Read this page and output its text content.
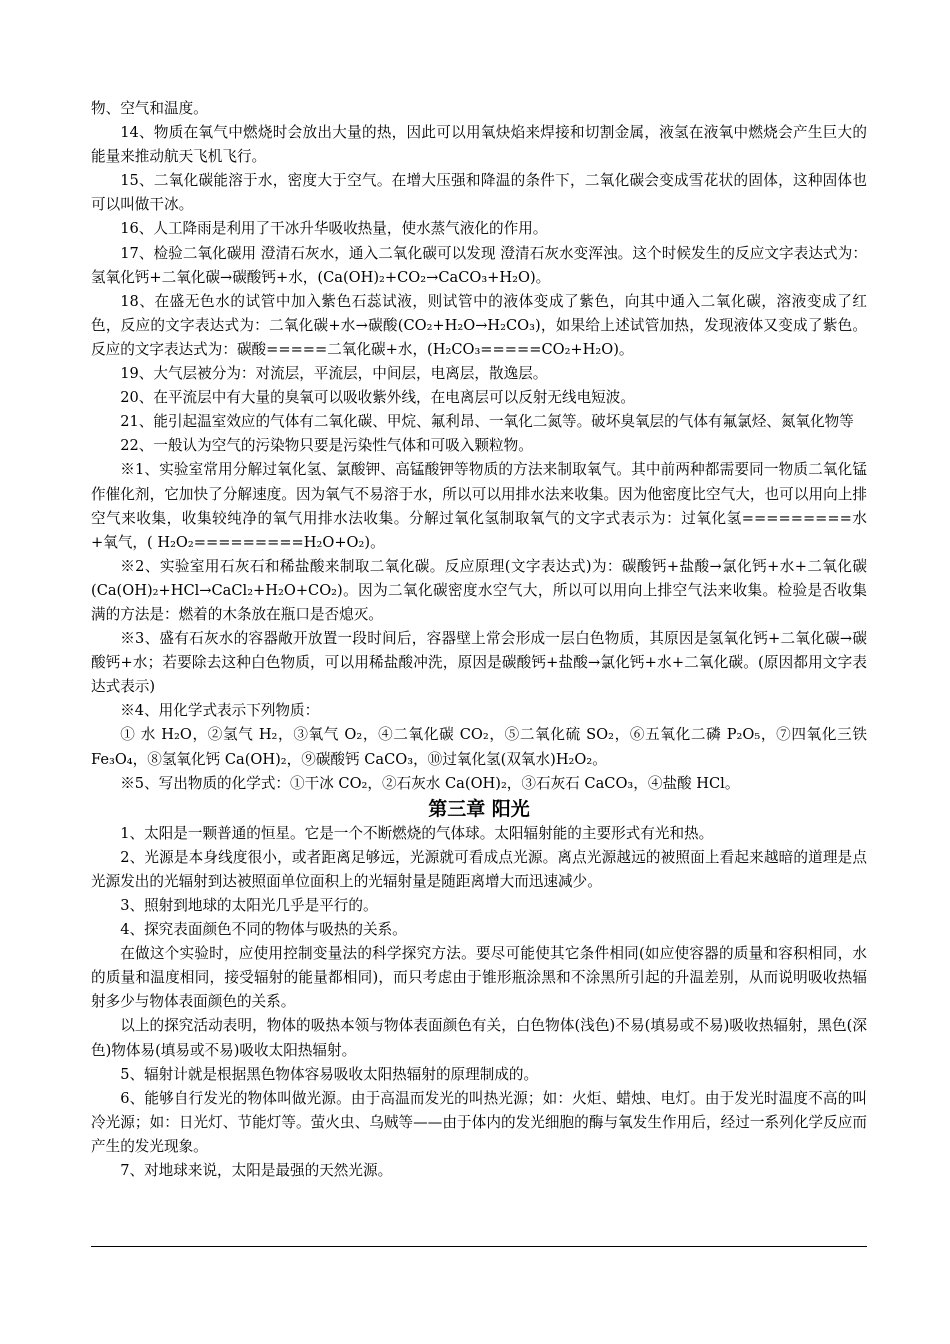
物、空气和温度。

14、物质在氧气中燃烧时会放出大量的热，因此可以用氧炔焰来焊接和切割金属，液氢在液氧中燃烧会产生巨大的能量来推动航天飞机飞行。

15、二氧化碳能溶于水，密度大于空气。在增大压强和降温的条件下，二氧化碳会变成雪花状的固体，这种固体也可以叫做干冰。

16、人工降雨是利用了干冰升华吸收热量，使水蒸气液化的作用。

17、检验二氧化碳用 澄清石灰水，通入二氧化碳可以发现 澄清石灰水变浑浊。这个时候发生的反应文字表达式为：氢氧化钙+二氧化碳→碳酸钙+水，(Ca(OH)₂+CO₂→CaCO₃+H₂O)。

18、在盛无色水的试管中加入紫色石蕊试液，则试管中的液体变成了紫色，向其中通入二氧化碳，溶液变成了红色，反应的文字表达式为：二氧化碳+水→碳酸(CO₂+H₂O→H₂CO₃)，如果给上述试管加热，发现液体又变成了紫色。反应的文字表达式为：碳酸=====二氧化碳+水，(H₂CO₃=====CO₂+H₂O)。

19、大气层被分为：对流层，平流层，中间层，电离层，散逸层。

20、在平流层中有大量的臭氧可以吸收紫外线，在电离层可以反射无线电短波。

21、能引起温室效应的气体有二氧化碳、甲烷、氟利昂、一氧化二氮等。破坏臭氧层的气体有氟氯烃、氮氧化物等

22、一般认为空气的污染物只要是污染性气体和可吸入颗粒物。

※1、实验室常用分解过氧化氢、氯酸钾、高锰酸钾等物质的方法来制取氧气。其中前两种都需要同一物质二氧化锰作催化剂，它加快了分解速度。因为氧气不易溶于水，所以可以用排水法来收集。因为他密度比空气大，也可以用向上排空气来收集，收集较纯净的氧气用排水法收集。分解过氧化氢制取氧气的文字式表示为：过氧化氢=========水+氧气，( H₂O₂=========H₂O+O₂)。

※2、实验室用石灰石和稀盐酸来制取二氧化碳。反应原理(文字表达式)为：碳酸钙+盐酸→氯化钙+水+二氧化碳(Ca(OH)₂+HCl→CaCl₂+H₂O+CO₂)。因为二氧化碳密度水空气大，所以可以用向上排空气法来收集。检验是否收集满的方法是：燃着的木条放在瓶口是否熄灭。

※3、盛有石灰水的容器敞开放置一段时间后，容器壁上常会形成一层白色物质，其原因是氢氧化钙+二氧化碳→碳酸钙+水；若要除去这种白色物质，可以用稀盐酸冲洗，原因是碳酸钙+盐酸→氯化钙+水+二氧化碳。(原因都用文字表达式表示)

※4、用化学式表示下列物质：

① 水 H₂O，②氢气 H₂，③氧气 O₂，④二氧化碳 CO₂，⑤二氧化硫 SO₂，⑥五氧化二磷 P₂O₅，⑦四氧化三铁 Fe₃O₄，⑧氢氧化钙 Ca(OH)₂，⑨碳酸钙 CaCO₃，⑩过氧化氢(双氧水)H₂O₂。

※5、写出物质的化学式：①干冰 CO₂，②石灰水 Ca(OH)₂，③石灰石 CaCO₃，④盐酸 HCl。

第三章 阳光

1、太阳是一颗普通的恒星。它是一个不断燃烧的气体球。太阳辐射能的主要形式有光和热。

2、光源是本身线度很小，或者距离足够远，光源就可看成点光源。离点光源越远的被照面上看起来越暗的道理是点光源发出的光辐射到达被照面单位面积上的光辐射量是随距离增大而迅速减少。

3、照射到地球的太阳光几乎是平行的。

4、探究表面颜色不同的物体与吸热的关系。

在做这个实验时，应使用控制变量法的科学探究方法。要尽可能使其它条件相同(如应使容器的质量和容积相同，水的质量和温度相同，接受辐射的能量都相同)，而只考虑由于锥形瓶涂黑和不涂黑所引起的升温差别，从而说明吸收热辐射多少与物体表面颜色的关系。

以上的探究活动表明，物体的吸热本领与物体表面颜色有关，白色物体(浅色)不易(填易或不易)吸收热辐射，黑色(深色)物体易(填易或不易)吸收太阳热辐射。

5、辐射计就是根据黑色物体容易吸收太阳热辐射的原理制成的。

6、能够自行发光的物体叫做光源。由于高温而发光的叫热光源；如：火炬、蜡烛、电灯。由于发光时温度不高的叫冷光源；如：日光灯、节能灯等。萤火虫、乌贼等——由于体内的发光细胞的酶与氧发生作用后，经过一系列化学反应而产生的发光现象。

7、对地球来说，太阳是最强的天然光源。
